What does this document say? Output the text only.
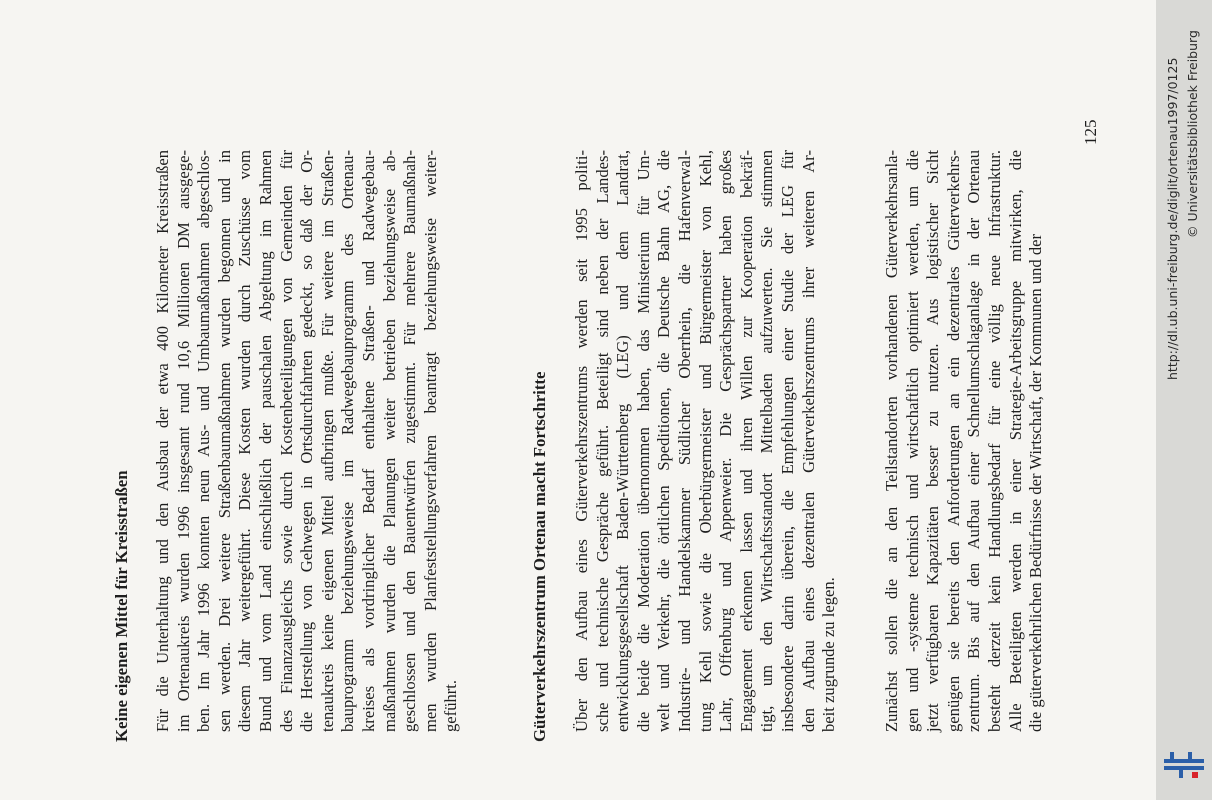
Keine eigenen Mittel für Kreisstraßen Für die Unterhaltung und den Ausbau der etwa 400 Kilometer Kreisstraßen im Ortenaukreis wurden 1996 insgesamt rund 10,6 Millionen DM ausgege- ben. Im Jahr 1996 konnten neun Aus- und Umbaumaßnahmen abgeschlos- sen werden. Drei weitere Straßenbaumaßnahmen wurden begonnen und in diesem Jahr weitergeführt. Diese Kosten wurden durch Zuschüsse vom Bund und vom Land einschließlich der pauschalen Abgeltung im Rahmen des Finanzausgleichs sowie durch Kostenbeteiligungen von Gemeinden für die Herstellung von Gehwegen in Ortsdurchfahrten gedeckt, so daß der Or- tenaukreis keine eigenen Mittel aufbringen mußte. Für weitere im Straßen- bauprogramm beziehungsweise im Radwegebauprogramm des Ortenau- kreises als vordringlicher Bedarf enthaltene Straßen- und Radwegebau- maßnahmen wurden die Planungen weiter betrieben beziehungsweise ab- geschlossen und den Bauentwürfen zugestimmt. Für mehrere Baumaßnah- men wurden Planfeststellungsverfahren beantragt beziehungsweise weiter- geführt.	Güterverkehrszentrum Ortenau macht Fortschritte Über den Aufbau eines Güterverkehrszentrums werden seit 1995 politi- sche und technische Gespräche geführt. Beteiligt sind neben der Landes- entwicklungsgesellschaft Baden-Württemberg (LEG) und dem Landrat, die beide die Moderation übernommen haben, das Ministerium für Um- welt und Verkehr, die örtlichen Speditionen, die Deutsche Bahn AG, die Industrie- und Handelskammer Südlicher Oberrhein, die Hafenverwal- tung Kehl sowie die Oberbürgermeister und Bürgermeister von Kehl, Lahr, Offenburg und Appenweier. Die Gesprächspartner haben großes Engagement erkennen lassen und ihren Willen zur Kooperation bekräf- tigt, um den Wirtschaftsstandort Mittelbaden aufzuwerten. Sie stimmen insbesondere darin überein, die Empfehlungen einer Studie der LEG für den Aufbau eines dezentralen Güterverkehrszentrums ihrer weiteren Ar- beit zugrunde zu legen.	Zunächst sollen die an den Teilstandorten vorhandenen Güterverkehrsanla- gen und -systeme technisch und wirtschaftlich optimiert werden, um die jetzt verfügbaren Kapazitäten besser zu nutzen. Aus logistischer Sicht genügen sie bereits den Anforderungen an ein dezentrales Güterverkehrs- zentrum. Bis auf den Aufbau einer Schnellumschlaganlage in der Ortenau besteht derzeit kein Handlungsbedarf für eine völlig neue Infrastruktur. Alle Beteiligten werden in einer Strategie-Arbeitsgruppe mitwirken, die die güterverkehrlichen Bedürfnisse der Wirtschaft, der Kommunen und der
125	http://dl.ub.uni-freiburg.de/diglit/ortenau1997/0125 © Universitätsbibliothek Freiburg
